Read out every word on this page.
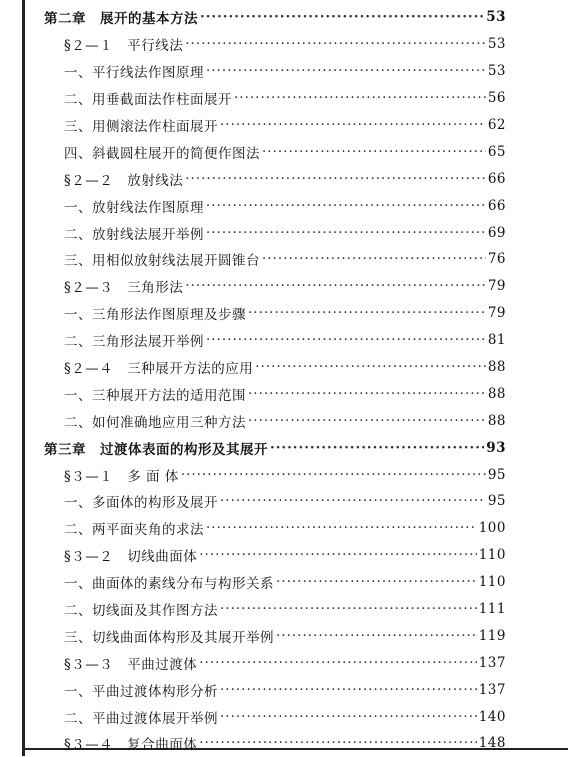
第二章　展开的基本方法 ·····	53
§２—１　平行线法 ·····	53
一、平行线法作图原理 ·····	53
二、用垂截面法作柱面展开 ·····	56
三、用侧滚法作柱面展开 ·····	62
四、斜截圆柱展开的简便作图法 ·····	65
§２—２　放射线法 ·····	66
一、放射线法作图原理 ·····	66
二、放射线法展开举例 ·····	69
三、用相似放射线法展开圆锥台 ·····	76
§２—３　三角形法 ·····	79
一、三角形法作图原理及步骤 ·····	79
二、三角形法展开举例 ·····	81
§２—４　三种展开方法的应用 ·····	88
一、三种展开方法的适用范围 ·····	88
二、如何准确地应用三种方法 ·····	88
第三章　过渡体表面的构形及其展开 ·····	93
§３—１　多 面 体 ·····	95
一、多面体的构形及展开 ·····	95
二、两平面夹角的求法 ·····	100
§３—２　切线曲面体 ·····	110
一、曲面体的素线分布与构形关系 ·····	110
二、切线面及其作图方法 ·····	111
三、切线曲面体构形及其展开举例 ·····	119
§３—３　平曲过渡体 ·····	137
一、平曲过渡体构形分析 ·····	137
二、平曲过渡体展开举例 ·····	140
§３—４　复合曲面体 ·····	148
